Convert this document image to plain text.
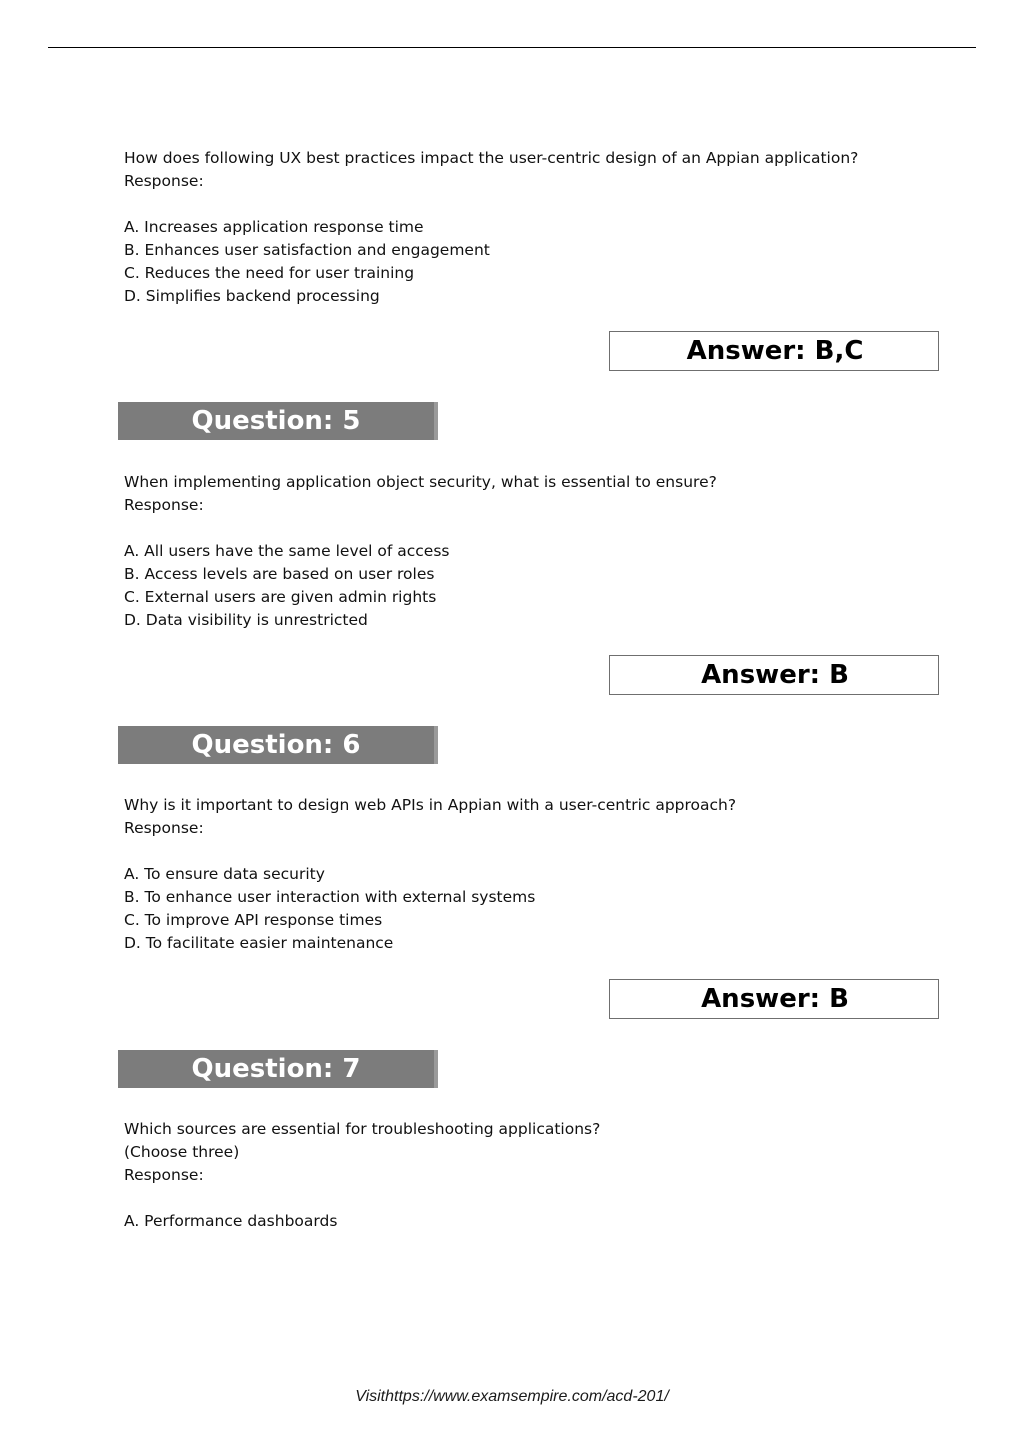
How does following UX best practices impact the user-centric design of an Appian application?
Response:
A. Increases application response time
B. Enhances user satisfaction and engagement
C. Reduces the need for user training
D. Simplifies backend processing
Answer: B,C
Question: 5
When implementing application object security, what is essential to ensure?
Response:
A. All users have the same level of access
B. Access levels are based on user roles
C. External users are given admin rights
D. Data visibility is unrestricted
Answer: B
Question: 6
Why is it important to design web APIs in Appian with a user-centric approach?
Response:
A. To ensure data security
B. To enhance user interaction with external systems
C. To improve API response times
D. To facilitate easier maintenance
Answer: B
Question: 7
Which sources are essential for troubleshooting applications?
(Choose three)
Response:
A. Performance dashboards
Visithttps://www.examsempire.com/acd-201/
